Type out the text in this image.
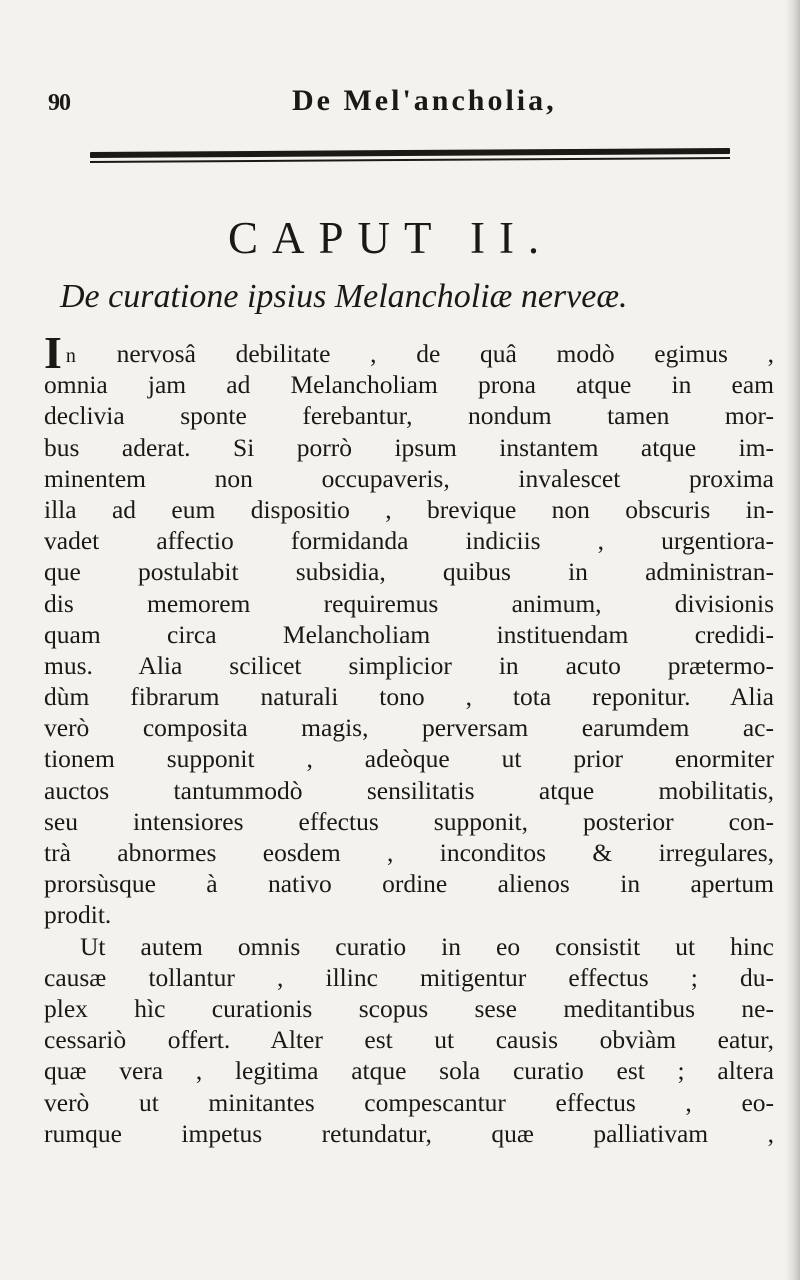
90	De Mel'ancholia,
CAPUT II.
De curatione ipsius Melancholiæ nerveæ.
In nervosâ debilitate , de quâ modò egimus ,
omnia jam ad Melancholiam prona atque in eam
declivia sponte ferebantur, nondum tamen mor-
bus aderat. Si porrò ipsum instantem atque im-
minentem non occupaveris, invalescet proxima
illa ad eum dispositio , breviquе non obscuris in-
vadet affectio formidanda indiciis , urgentiora-
que postulabit subsidia, quibus in administran-
dis memorem requiremus animum, divisionis
quam circa Melancholiam instituendam credidi-
mus. Alia scilicet simplicior in acuto prætermo-
dùm fibrarum naturali tono , tota reponitur. Alia
verò composita magis, perversam earumdem ac-
tionem supponit , adeòque ut prior enormiter
auctos tantummodò sensilitatis atque mobilitatis,
seu intensiores effectus supponit, posterior con-
trà abnormes eosdem , inconditos & irregulares,
prorsùsque à nativo ordine alienos in apertum
prodit.
Ut autem omnis curatio in eo consistit ut hinc
causæ tollantur , illinc mitigentur effectus ; du-
plex hìc curationis scopus sese meditantibus ne-
cessariò offert. Alter est ut causis obviàm eatur,
quæ vera , legitima atque sola curatio est ; altera
verò ut minitantes compescantur effectus , eo-
rumque impetus retundatur, quæ palliativam ,
